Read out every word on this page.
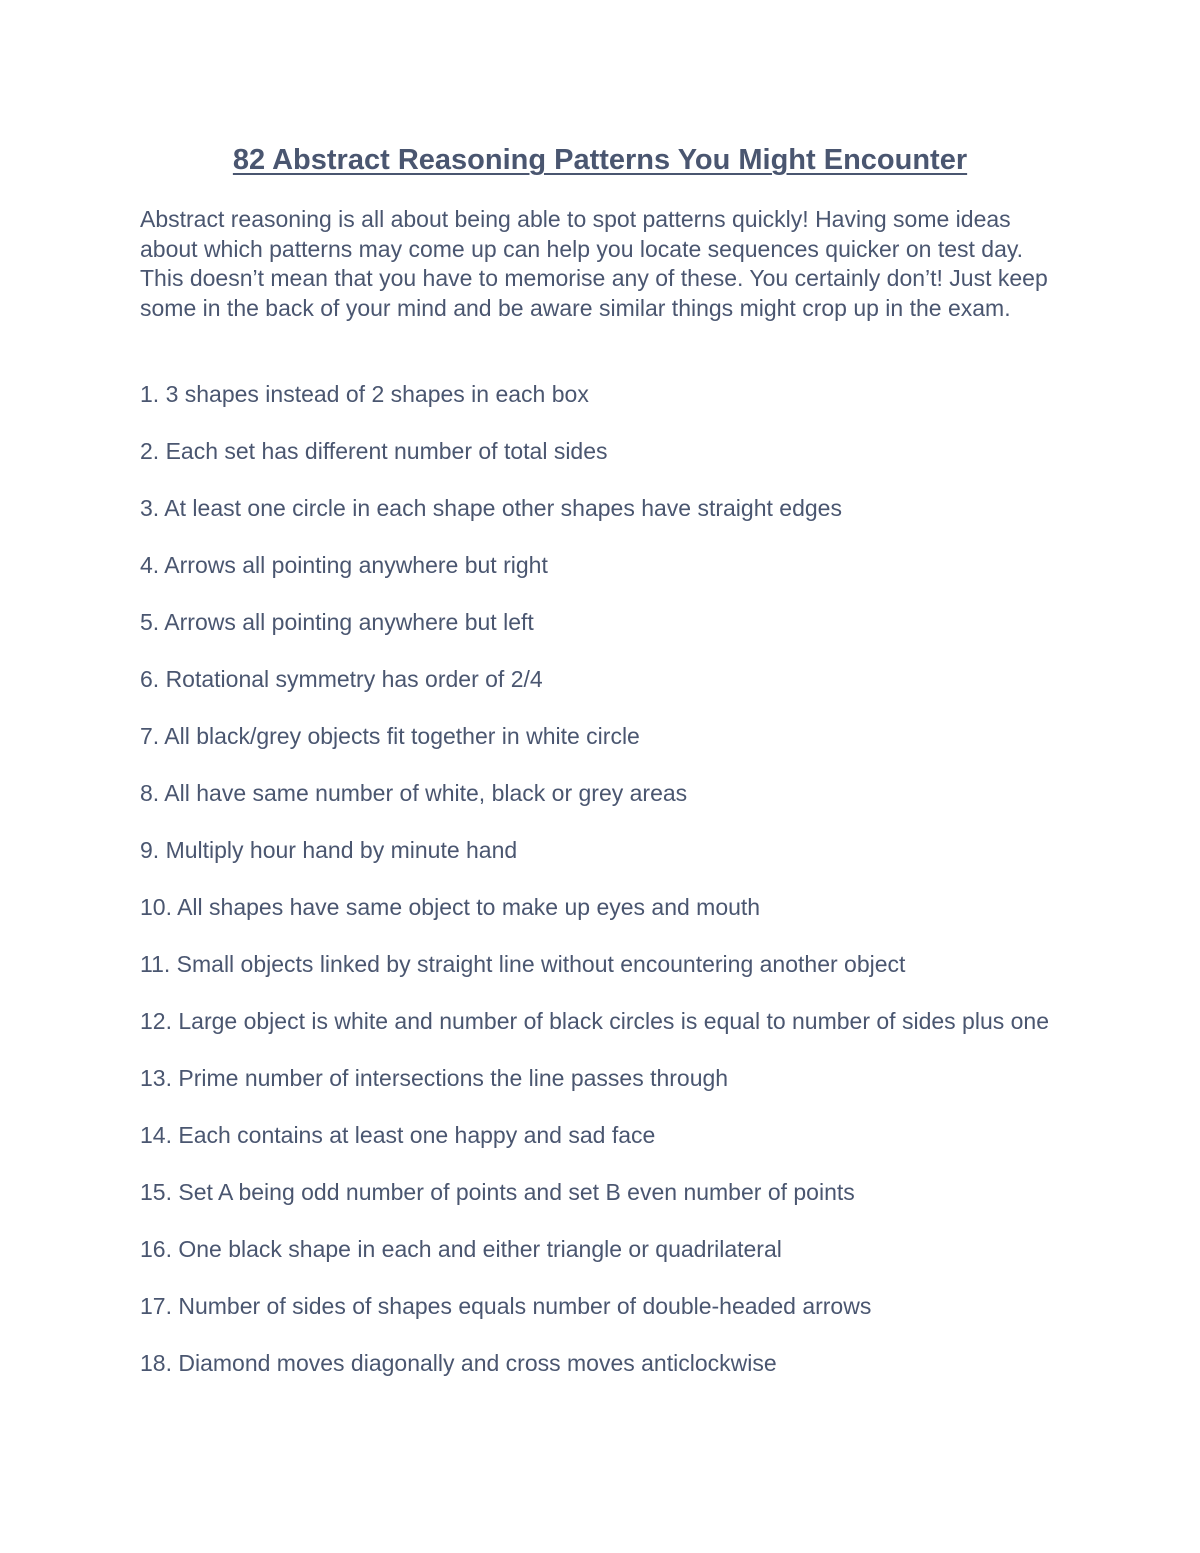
82 Abstract Reasoning Patterns You Might Encounter

Abstract reasoning is all about being able to spot patterns quickly! Having some ideas about which patterns may come up can help you locate sequences quicker on test day. This doesn’t mean that you have to memorise any of these. You certainly don’t! Just keep some in the back of your mind and be aware similar things might crop up in the exam.

1. 3 shapes instead of 2 shapes in each box
2. Each set has different number of total sides
3. At least one circle in each shape other shapes have straight edges
4. Arrows all pointing anywhere but right
5. Arrows all pointing anywhere but left
6. Rotational symmetry has order of 2/4
7. All black/grey objects fit together in white circle
8. All have same number of white, black or grey areas
9. Multiply hour hand by minute hand
10. All shapes have same object to make up eyes and mouth
11. Small objects linked by straight line without encountering another object
12. Large object is white and number of black circles is equal to number of sides plus one
13. Prime number of intersections the line passes through
14. Each contains at least one happy and sad face
15. Set A being odd number of points and set B even number of points
16. One black shape in each and either triangle or quadrilateral
17. Number of sides of shapes equals number of double-headed arrows
18. Diamond moves diagonally and cross moves anticlockwise
